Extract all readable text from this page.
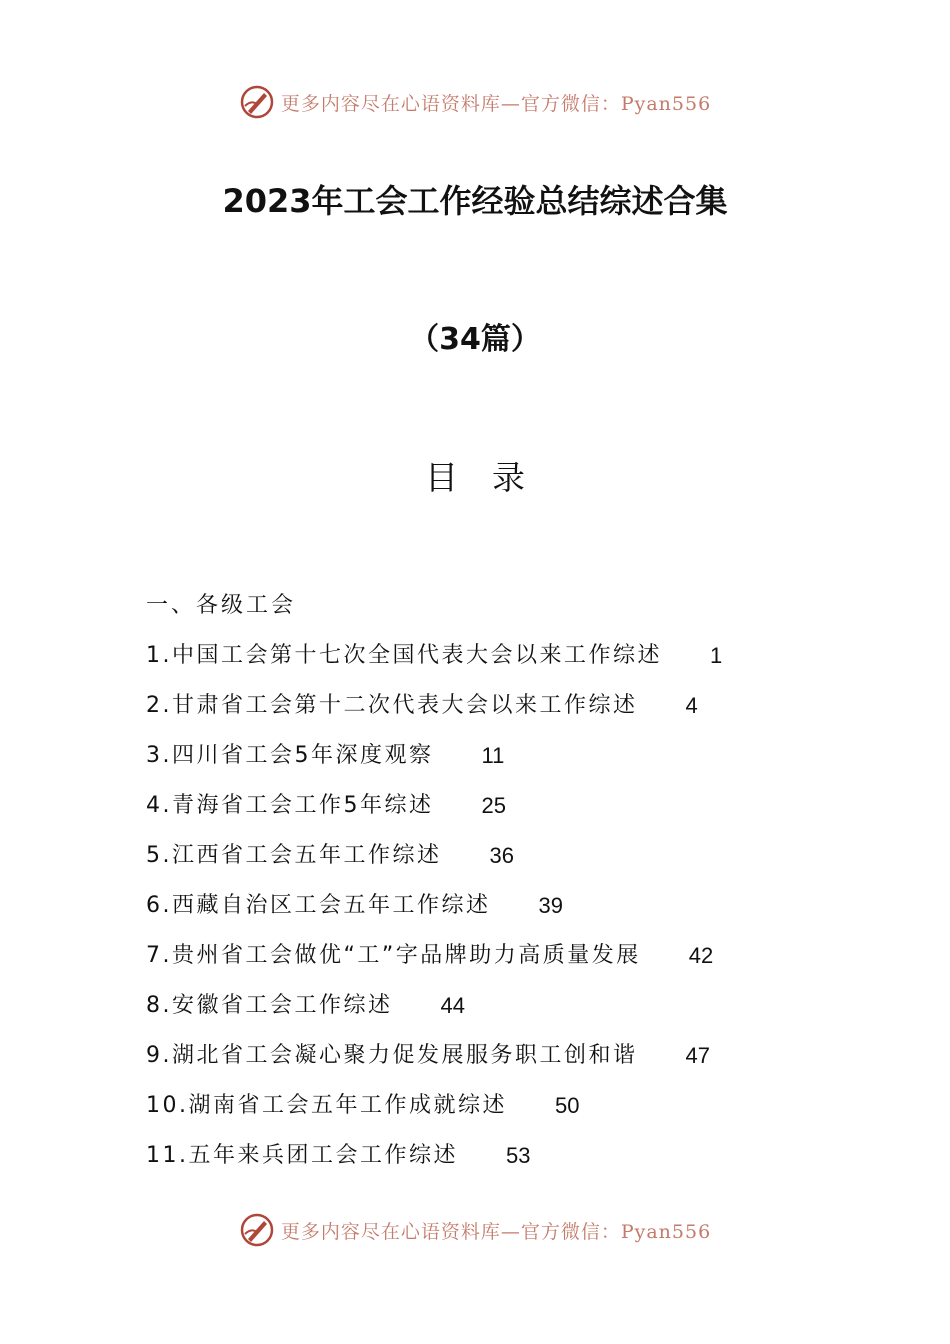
更多内容尽在心语资料库—官方微信：Pyan556
2023年工会工作经验总结综述合集
（34篇）
目录
一、各级工会
1.中国工会第十七次全国代表大会以来工作综述 1
2.甘肃省工会第十二次代表大会以来工作综述 4
3.四川省工会5年深度观察 11
4.青海省工会工作5年综述 25
5.江西省工会五年工作综述 36
6.西藏自治区工会五年工作综述 39
7.贵州省工会做优“工”字品牌助力高质量发展 42
8.安徽省工会工作综述 44
9.湖北省工会凝心聚力促发展服务职工创和谐 47
10.湖南省工会五年工作成就综述 50
11.五年来兵团工会工作综述 53
更多内容尽在心语资料库—官方微信：Pyan556
